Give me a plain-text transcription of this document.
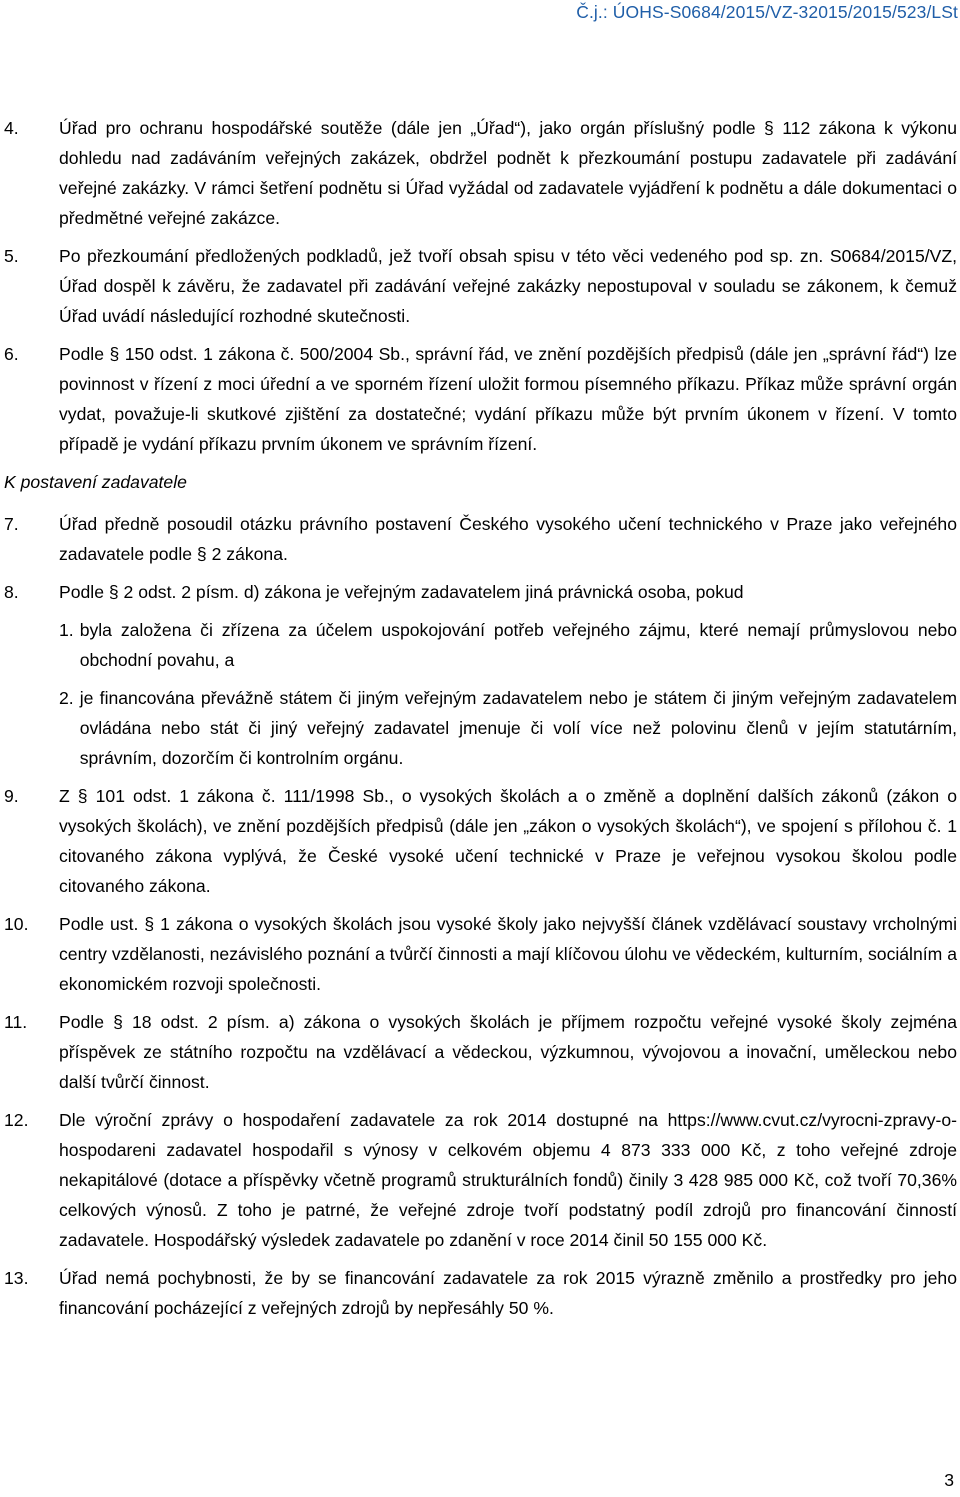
Č.j.: ÚOHS-S0684/2015/VZ-32015/2015/523/LSt
4.	Úřad pro ochranu hospodářské soutěže (dále jen „Úřad“), jako orgán příslušný podle § 112 zákona k výkonu dohledu nad zadáváním veřejných zakázek, obdržel podnět k přezkoumání postupu zadavatele při zadávání veřejné zakázky. V rámci šetření podnětu si Úřad vyžádal od zadavatele vyjádření k podnětu a dále dokumentaci o předmětné veřejné zakázce.
5.	Po přezkoumání předložených podkladů, jež tvoří obsah spisu v této věci vedeného pod sp. zn. S0684/2015/VZ, Úřad dospěl k závěru, že zadavatel při zadávání veřejné zakázky nepostupoval v souladu se zákonem, k čemuž Úřad uvádí následující rozhodné skutečnosti.
6.	Podle § 150 odst. 1 zákona č. 500/2004 Sb., správní řád, ve znění pozdějších předpisů (dále jen „správní řád“) lze povinnost v řízení z moci úřední a ve sporném řízení uložit formou písemného příkazu. Příkaz může správní orgán vydat, považuje-li skutkové zjištění za dostatečné; vydání příkazu může být prvním úkonem v řízení. V tomto případě je vydání příkazu prvním úkonem ve správním řízení.
K postavení zadavatele
7.	Úřad předně posoudil otázku právního postavení Českého vysokého učení technického v Praze jako veřejného zadavatele podle § 2 zákona.
8.	Podle § 2 odst. 2 písm. d) zákona je veřejným zadavatelem jiná právnická osoba, pokud
1. byla založena či zřízena za účelem uspokojování potřeb veřejného zájmu, které nemají průmyslovou nebo obchodní povahu, a
2. je financována převážně státem či jiným veřejným zadavatelem nebo je státem či jiným veřejným zadavatelem ovládána nebo stát či jiný veřejný zadavatel jmenuje či volí více než polovinu členů v jejím statutárním, správním, dozorčím či kontrolním orgánu.
9.	Z § 101 odst. 1 zákona č. 111/1998 Sb., o vysokých školách a o změně a doplnění dalších zákonů (zákon o vysokých školách), ve znění pozdějších předpisů (dále jen „zákon o vysokých školách“), ve spojení s přílohou č. 1 citovaného zákona vyplývá, že České vysoké učení technické v Praze je veřejnou vysokou školou podle citovaného zákona.
10.	Podle ust. § 1 zákona o vysokých školách jsou vysoké školy jako nejvyšší článek vzdělávací soustavy vrcholnými centry vzdělanosti, nezávislého poznání a tvůrčí činnosti a mají klíčovou úlohu ve vědeckém, kulturním, sociálním a ekonomickém rozvoji společnosti.
11.	Podle § 18 odst. 2 písm. a) zákona o vysokých školách je příjmem rozpočtu veřejné vysoké školy zejména příspěvek ze státního rozpočtu na vzdělávací a vědeckou, výzkumnou, vývojovou a inovační, uměleckou nebo další tvůrčí činnost.
12.	Dle výroční zprávy o hospodaření zadavatele za rok 2014 dostupné na https://www.cvut.cz/vyrocni-zpravy-o-hospodareni zadavatel hospodařil s výnosy v celkovém objemu 4 873 333 000 Kč, z toho veřejné zdroje nekapitálové (dotace a příspěvky včetně programů strukturálních fondů) činily 3 428 985 000 Kč, což tvoří 70,36% celkových výnosů. Z toho je patrné, že veřejné zdroje tvoří podstatný podíl zdrojů pro financování činností zadavatele. Hospodářský výsledek zadavatele po zdanění v roce 2014 činil 50 155 000 Kč.
13.	Úřad nemá pochybnosti, že by se financování zadavatele za rok 2015 výrazně změnilo a prostředky pro jeho financování pocházející z veřejných zdrojů by nepřesáhly 50 %.
3
